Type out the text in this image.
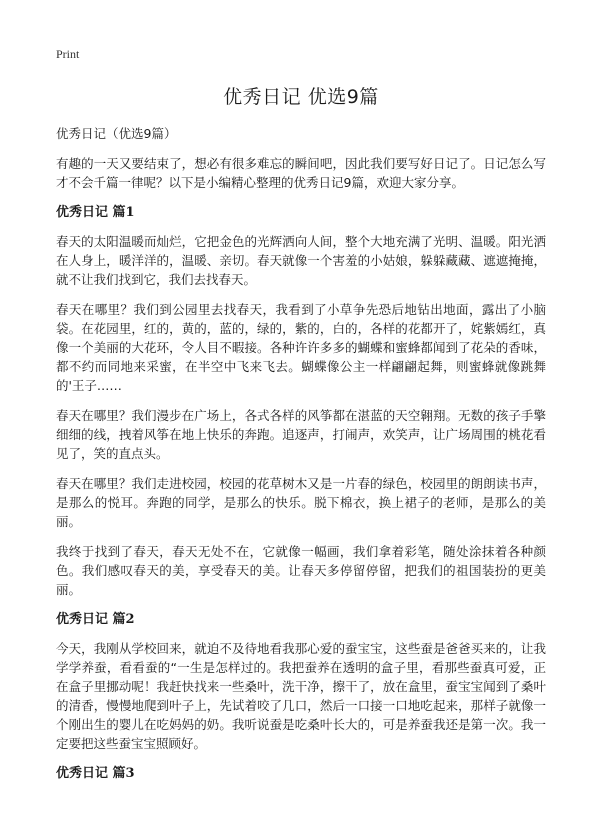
Print
优秀日记 优选9篇
优秀日记（优选9篇）

有趣的一天又要结束了，想必有很多难忘的瞬间吧，因此我们要写好日记了。日记怎么写才不会千篇一律呢？以下是小编精心整理的优秀日记9篇，欢迎大家分享。

优秀日记 篇1

春天的太阳温暖而灿烂，它把金色的光辉洒向人间，整个大地充满了光明、温暖。阳光洒在人身上，暖洋洋的，温暖、亲切。春天就像一个害羞的小姑娘，躲躲藏藏、遮遮掩掩，就不让我们找到它，我们去找春天。

春天在哪里？我们到公园里去找春天，我看到了小草争先恐后地钻出地面，露出了小脑袋。在花园里，红的，黄的，蓝的，绿的，紫的，白的，各样的花都开了，姹紫嫣红，真像一个美丽的大花环，令人目不暇接。各种许许多多的蝴蝶和蜜蜂都闻到了花朵的香味，都不约而同地来采蜜，在半空中飞来飞去。蝴蝶像公主一样翩翩起舞，则蜜蜂就像跳舞的'王子……

春天在哪里？我们漫步在广场上，各式各样的风筝都在湛蓝的天空翱翔。无数的孩子手擎细细的线，拽着风筝在地上快乐的奔跑。追逐声，打闹声，欢笑声，让广场周围的桃花看见了，笑的直点头。

春天在哪里？我们走进校园，校园的花草树木又是一片春的绿色，校园里的朗朗读书声，是那么的悦耳。奔跑的同学，是那么的快乐。脱下棉衣，换上裙子的老师，是那么的美丽。

我终于找到了春天，春天无处不在，它就像一幅画，我们拿着彩笔，随处涂抹着各种颜色。我们感叹春天的美，享受春天的美。让春天多停留停留，把我们的祖国装扮的更美丽。

优秀日记 篇2

今天，我刚从学校回来，就迫不及待地看我那心爱的蚕宝宝，这些蚕是爸爸买来的，让我学学养蚕，看看蚕的“一生是怎样过的。我把蚕养在透明的盒子里，看那些蚕真可爱，正在盒子里挪动呢！我赶快找来一些桑叶，洗干净，擦干了，放在盒里，蚕宝宝闻到了桑叶的清香，慢慢地爬到叶子上，先试着咬了几口，然后一口接一口地吃起来，那样子就像一个刚出生的婴儿在吃妈妈的奶。我听说蚕是吃桑叶长大的，可是养蚕我还是第一次。我一定要把这些蚕宝宝照顾好。

优秀日记 篇3
